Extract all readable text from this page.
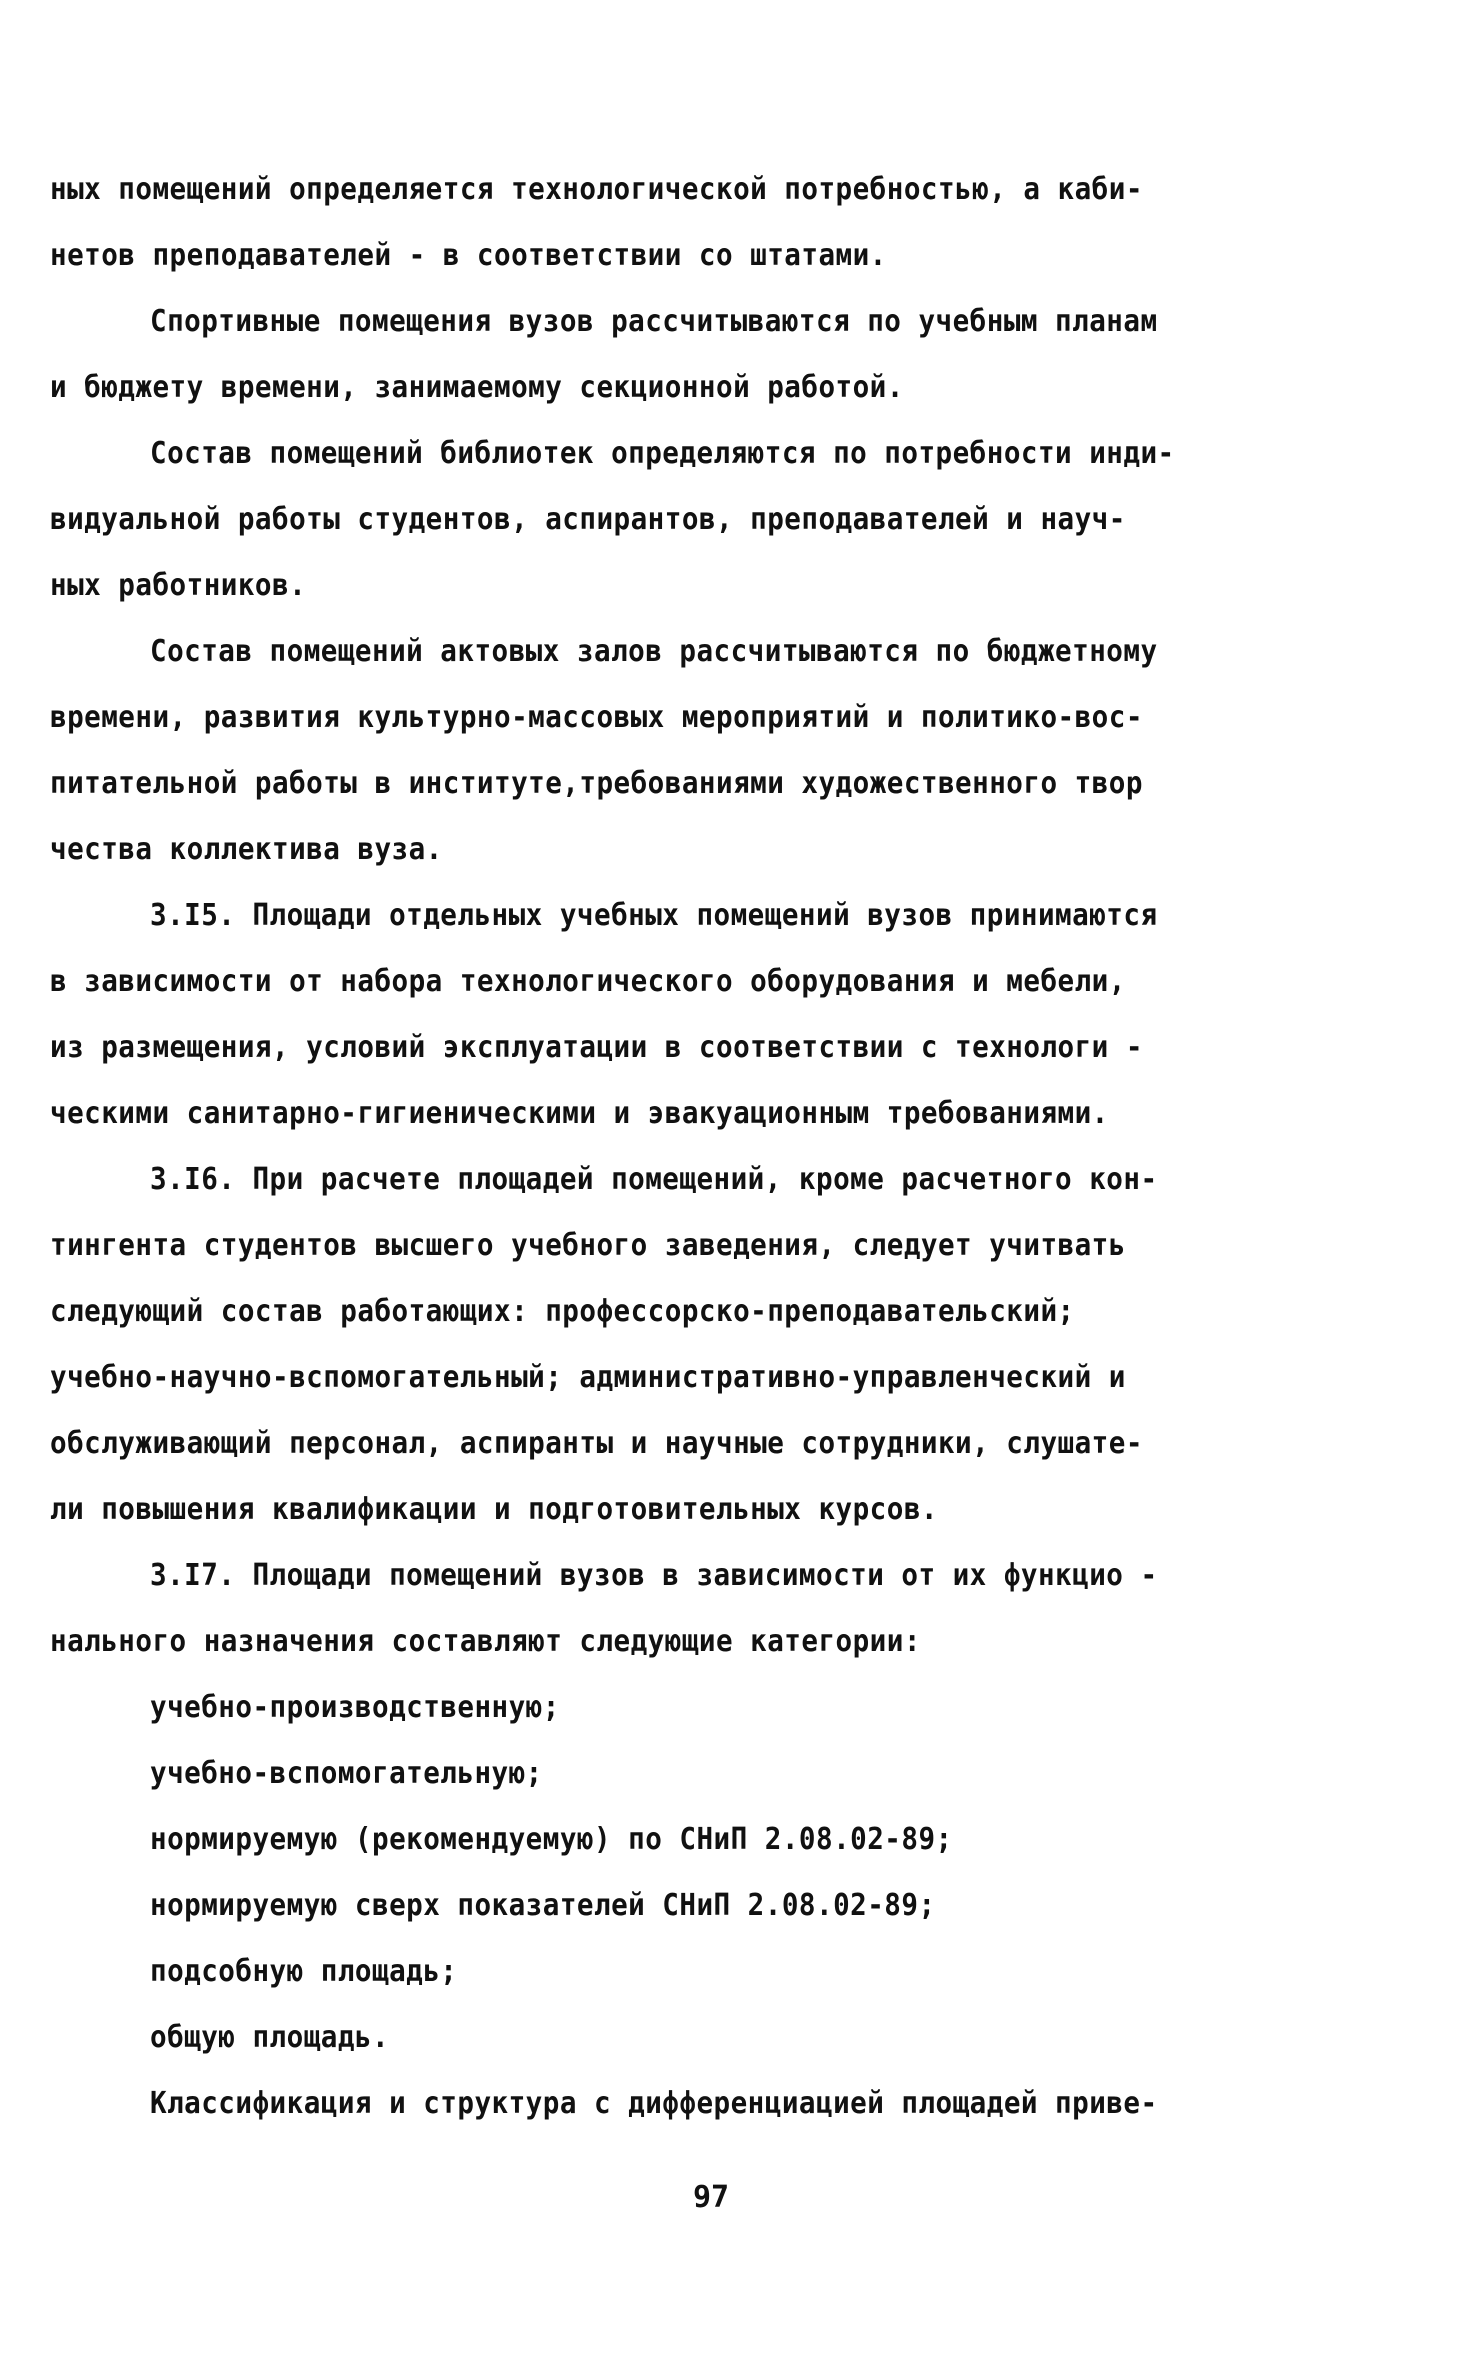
ных помещений определяется технологической потребностью, а каби-
нетов преподавателей - в соответствии со штатами.
Спортивные помещения вузов рассчитываются по учебным планам
и бюджету времени, занимаемому секционной работой.
Состав помещений библиотек определяются по потребности инди-
видуальной работы студентов, аспирантов, преподавателей и науч-
ных работников.
Состав помещений актовых залов рассчитываются по бюджетному
времени, развития культурно-массовых мероприятий и политико-вос-
питательной работы в институте,требованиями художественного твор
чества коллектива вуза.
3.I5. Площади отдельных учебных помещений вузов принимаются
в зависимости от набора технологического оборудования и мебели,
из размещения, условий эксплуатации в соответствии с технологи -
ческими санитарно-гигиеническими и эвакуационным требованиями.
3.I6. При расчете площадей помещений, кроме расчетного кон-
тингента студентов высшего учебного заведения, следует учитвать
следующий состав работающих: профессорско-преподавательский;
учебно-научно-вспомогательный; административно-управленческий и
обслуживающий персонал, аспиранты и научные сотрудники, слушате-
ли повышения квалификации и подготовительных курсов.
3.I7. Площади помещений вузов в зависимости от их функцио -
нального назначения составляют следующие категории:
учебно-производственную;
учебно-вспомогательную;
нормируемую (рекомендуемую) по СНиП 2.08.02-89;
нормируемую сверх показателей СНиП 2.08.02-89;
подсобную площадь;
общую площадь.
Классификация и структура с дифференциацией площадей приве-
97
